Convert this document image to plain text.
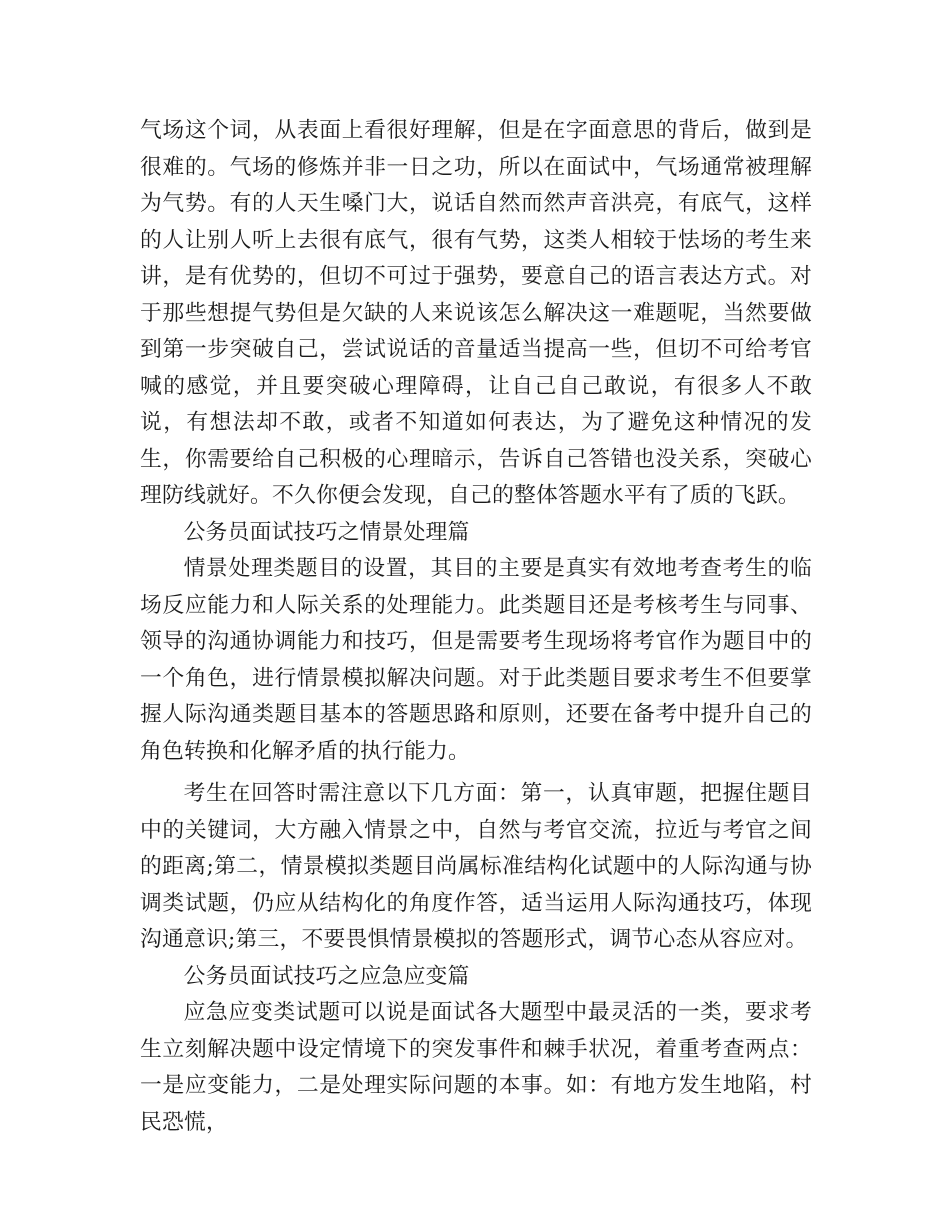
气场这个词，从表面上看很好理解，但是在字面意思的背后，做到是很难的。气场的修炼并非一日之功，所以在面试中，气场通常被理解为气势。有的人天生嗓门大，说话自然而然声音洪亮，有底气，这样的人让别人听上去很有底气，很有气势，这类人相较于怯场的考生来讲，是有优势的，但切不可过于强势，要意自己的语言表达方式。对于那些想提气势但是欠缺的人来说该怎么解决这一难题呢，当然要做到第一步突破自己，尝试说话的音量适当提高一些，但切不可给考官喊的感觉，并且要突破心理障碍，让自己自己敢说，有很多人不敢说，有想法却不敢，或者不知道如何表达，为了避免这种情况的发生，你需要给自己积极的心理暗示，告诉自己答错也没关系，突破心理防线就好。不久你便会发现，自己的整体答题水平有了质的飞跃。

公务员面试技巧之情景处理篇

情景处理类题目的设置，其目的主要是真实有效地考查考生的临场反应能力和人际关系的处理能力。此类题目还是考核考生与同事、领导的沟通协调能力和技巧，但是需要考生现场将考官作为题目中的一个角色，进行情景模拟解决问题。对于此类题目要求考生不但要掌握人际沟通类题目基本的答题思路和原则，还要在备考中提升自己的角色转换和化解矛盾的执行能力。

考生在回答时需注意以下几方面：第一，认真审题，把握住题目中的关键词，大方融入情景之中，自然与考官交流，拉近与考官之间的距离;第二，情景模拟类题目尚属标准结构化试题中的人际沟通与协调类试题，仍应从结构化的角度作答，适当运用人际沟通技巧，体现沟通意识;第三，不要畏惧情景模拟的答题形式，调节心态从容应对。

公务员面试技巧之应急应变篇

应急应变类试题可以说是面试各大题型中最灵活的一类，要求考生立刻解决题中设定情境下的突发事件和棘手状况，着重考查两点：一是应变能力，二是处理实际问题的本事。如：有地方发生地陷，村民恐慌，
